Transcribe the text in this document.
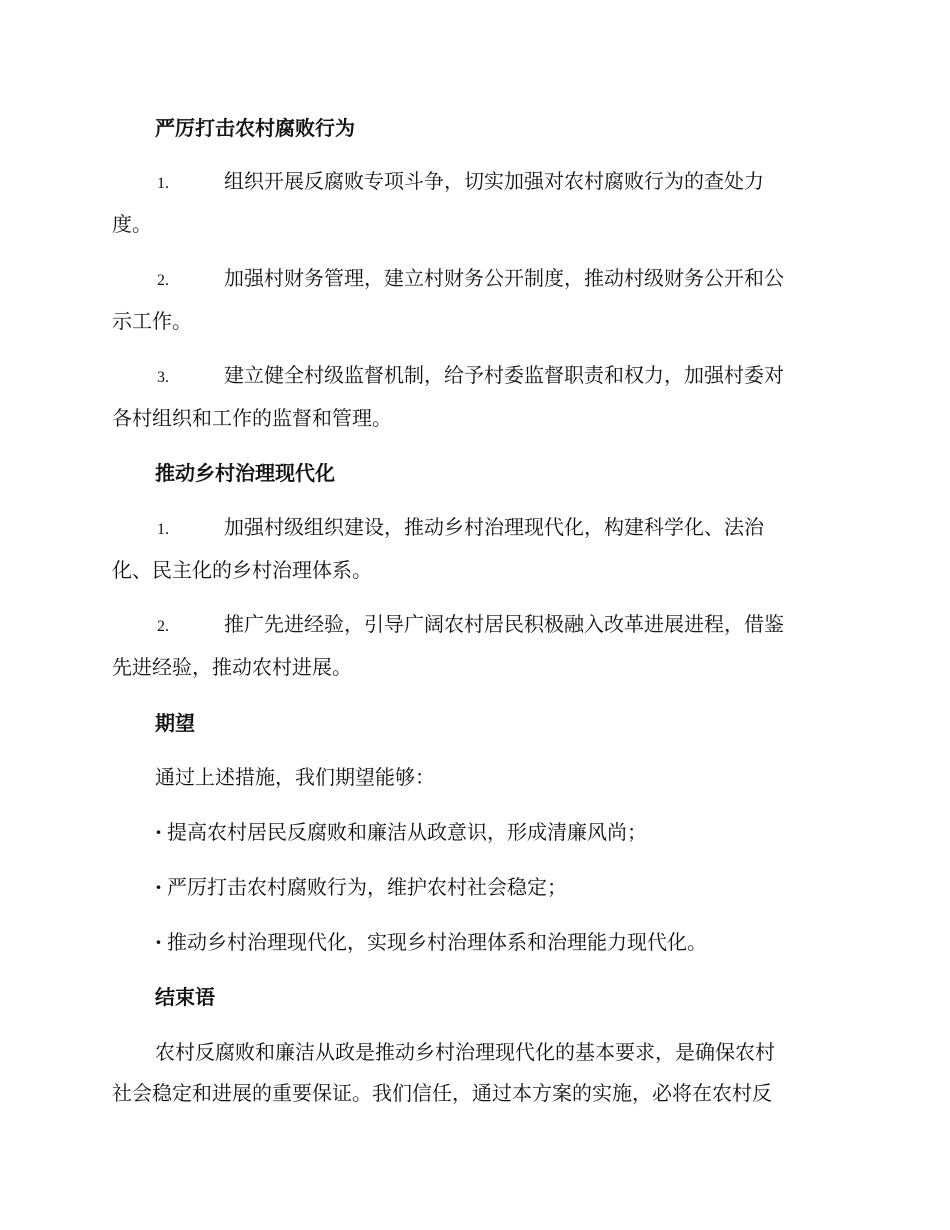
严厉打击农村腐败行为
1.	组织开展反腐败专项斗争，切实加强对农村腐败行为的查处力
度。
2.	加强村财务管理，建立村财务公开制度，推动村级财务公开和公
示工作。
3.	建立健全村级监督机制，给予村委监督职责和权力，加强村委对
各村组织和工作的监督和管理。
推动乡村治理现代化
1.	加强村级组织建设，推动乡村治理现代化，构建科学化、法治
化、民主化的乡村治理体系。
2.	推广先进经验，引导广阔农村居民积极融入改革进展进程，借鉴
先进经验，推动农村进展。
期望
通过上述措施，我们期望能够：
· 提高农村居民反腐败和廉洁从政意识，形成清廉风尚；
· 严厉打击农村腐败行为，维护农村社会稳定；
· 推动乡村治理现代化，实现乡村治理体系和治理能力现代化。
结束语
农村反腐败和廉洁从政是推动乡村治理现代化的基本要求，是确保农村
社会稳定和进展的重要保证。我们信任，通过本方案的实施，必将在农村反
